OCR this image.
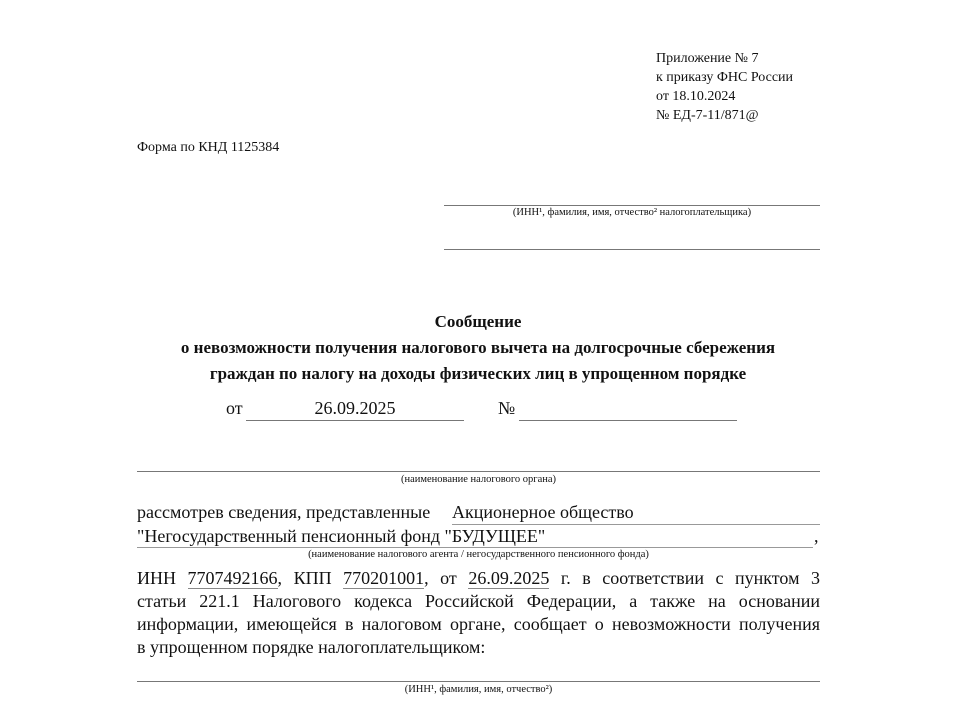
Приложение № 7
к приказу ФНС России
от 18.10.2024
№ ЕД-7-11/871@
Форма по КНД 1125384
(ИНН¹, фамилия, имя, отчество² налогоплательщика)
Сообщение
о невозможности получения налогового вычета на долгосрочные сбережения
граждан по налогу на доходы физических лиц в упрощенном порядке
от	26.09.2025	№
(наименование налогового органа)
рассмотрев сведения, представленные	Акционерное общество
"Негосударственный пенсионный фонд "БУДУЩЕЕ"	,
(наименование налогового агента / негосударственного пенсионного фонда)
ИНН 7707492166, КПП 770201001, от 26.09.2025 г. в соответствии с пунктом 3
статьи 221.1 Налогового кодекса Российской Федерации, а также на основании
информации, имеющейся в налоговом органе, сообщает о невозможности получения
в упрощенном порядке налогоплательщиком:
(ИНН¹, фамилия, имя, отчество²)
